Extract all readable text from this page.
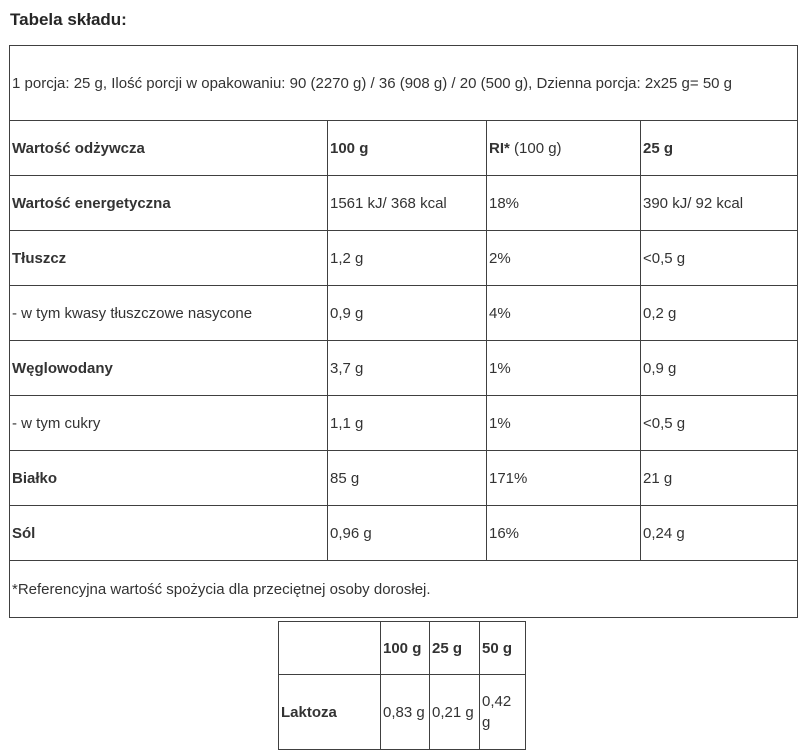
Tabela składu:
1 porcja: 25 g, Ilość porcji w opakowaniu: 90 (2270 g) / 36 (908 g) / 20 (500 g), Dzienna porcja: 2x25 g= 50 g			
Wartość odżywcza	100 g	RI* (100 g)	25 g
Wartość energetyczna	1561 kJ/ 368 kcal	18%	390 kJ/ 92 kcal
Tłuszcz	1,2 g	2%	<0,5 g
- w tym kwasy tłuszczowe nasycone	0,9 g	4%	0,2 g
Węglowodany	3,7 g	1%	0,9 g
- w tym cukry	1,1 g	1%	<0,5 g
Białko	85 g	171%	21 g
Sól	0,96 g	16%	0,24 g
*Referencyjna wartość spożycia dla przeciętnej osoby dorosłej.			
	100 g	25 g	50 g
Laktoza	0,83 g	0,21 g	0,42 g
